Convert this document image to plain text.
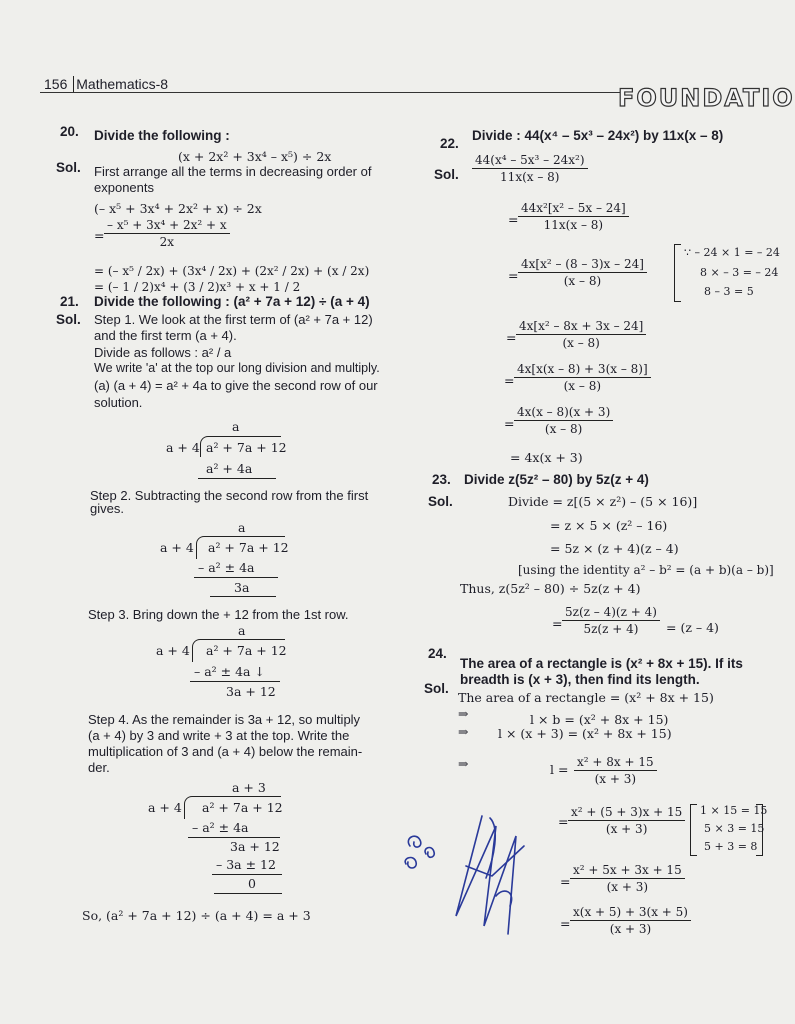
156 Mathematics-8	FOUNDATIO
20. Divide the following :
(x + 2x² + 3x⁴ – x⁵) ÷ 2x
Sol. First arrange all the terms in decreasing order of
exponents
(– x⁵ + 3x⁴ + 2x² + x) ÷ 2x
= $\frac{\text{– x⁵ + 3x⁴ + 2x² + x}}{2x}$
= (– x⁵ / 2x) + (3x⁴ / 2x) + (2x² / 2x) + (x / 2x)
= (– 1 / 2)x⁴ + (3 / 2)x³ + x + 1 / 2
21. Divide the following : (a² + 7a + 12) ÷ (a + 4)
Sol. Step 1. We look at the first term of (a² + 7a + 12)
and the first term (a + 4).
Divide as follows : a² / a
We write 'a' at the top our long division and multiply.
(a) (a + 4) = a² + 4a to give the second row of our
solution.
a
a + 4 a² + 7a + 12
a² + 4a
Step 2. Subtracting the second row from the first
gives.
a
a + 4 a² + 7a + 12
– a² ± 4a
3a
Step 3. Bring down the + 12 from the 1st row.
a
a + 4 a² + 7a + 12
– a² ± 4a ↓
3a + 12
Step 4. As the remainder is 3a + 12, so multiply
(a + 4) by 3 and write + 3 at the top. Write the
multiplication of 3 and (a + 4) below the remain-
der.
a + 3
a + 4 a² + 7a + 12
– a² ± 4a
3a + 12
– 3a ± 12
0
So, (a² + 7a + 12) ÷ (a + 4) = a + 3
22.
Divide : 44(x⁴ – 5x³ – 24x²) by 11x(x – 8)
Sol. $\frac{\text{44(x⁴ – 5x³ – 24x²)}}{11x(x - 8)}$
= $\frac{\text{44x²[x² – 5x – 24]}}{11x(x - 8)}$
= $\frac{\text{4x[x² – (8 – 3)x – 24]}}{(x - 8)}$
∵ – 24 × 1 = – 24
8 × – 3 = – 24
8 – 3 = 5
= $\frac{\text{4x[x² – 8x + 3x – 24]}}{(x - 8)}$
= $\frac{4x[x(x - 8) + 3(x - 8)]}{(x - 8)}$
= $\frac{4x(x - 8)(x + 3)}{(x - 8)}$
= 4x(x + 3)
23. Divide z(5z² – 80) by 5z(z + 4)
Sol.	Divide = z[(5 × z²) – (5 × 16)]
= z × 5 × (z² – 16)
= 5z × (z + 4)(z – 4)
[using the identity a² – b² = (a + b)(a – b)]
Thus, z(5z² – 80) ÷ 5z(z + 4)
= $\frac{5z(z - 4)(z + 4)}{5z(z + 4)} = (z - 4)$
24.
The area of a rectangle is (x² + 8x + 15). If its
breadth is (x + 3), then find its length.
Sol.
The area of a rectangle = (x² + 8x + 15)
⇒	l × b = (x² + 8x + 15)
⇒ l × (x + 3) = (x² + 8x + 15)
⇒	$l = \frac{\text{x² + 8x + 15}}{(x + 3)}$
= $\frac{\text{x² + (5 + 3)x + 15}}{(x + 3)} 1 \times 15 = 15$
5 × 3 = 15
5 + 3 = 8
= $\frac{\text{x² + 5x + 3x + 15}}{(x + 3)}$
= $\frac{x(x + 5) + 3(x + 5)}{(x + 3)}$
